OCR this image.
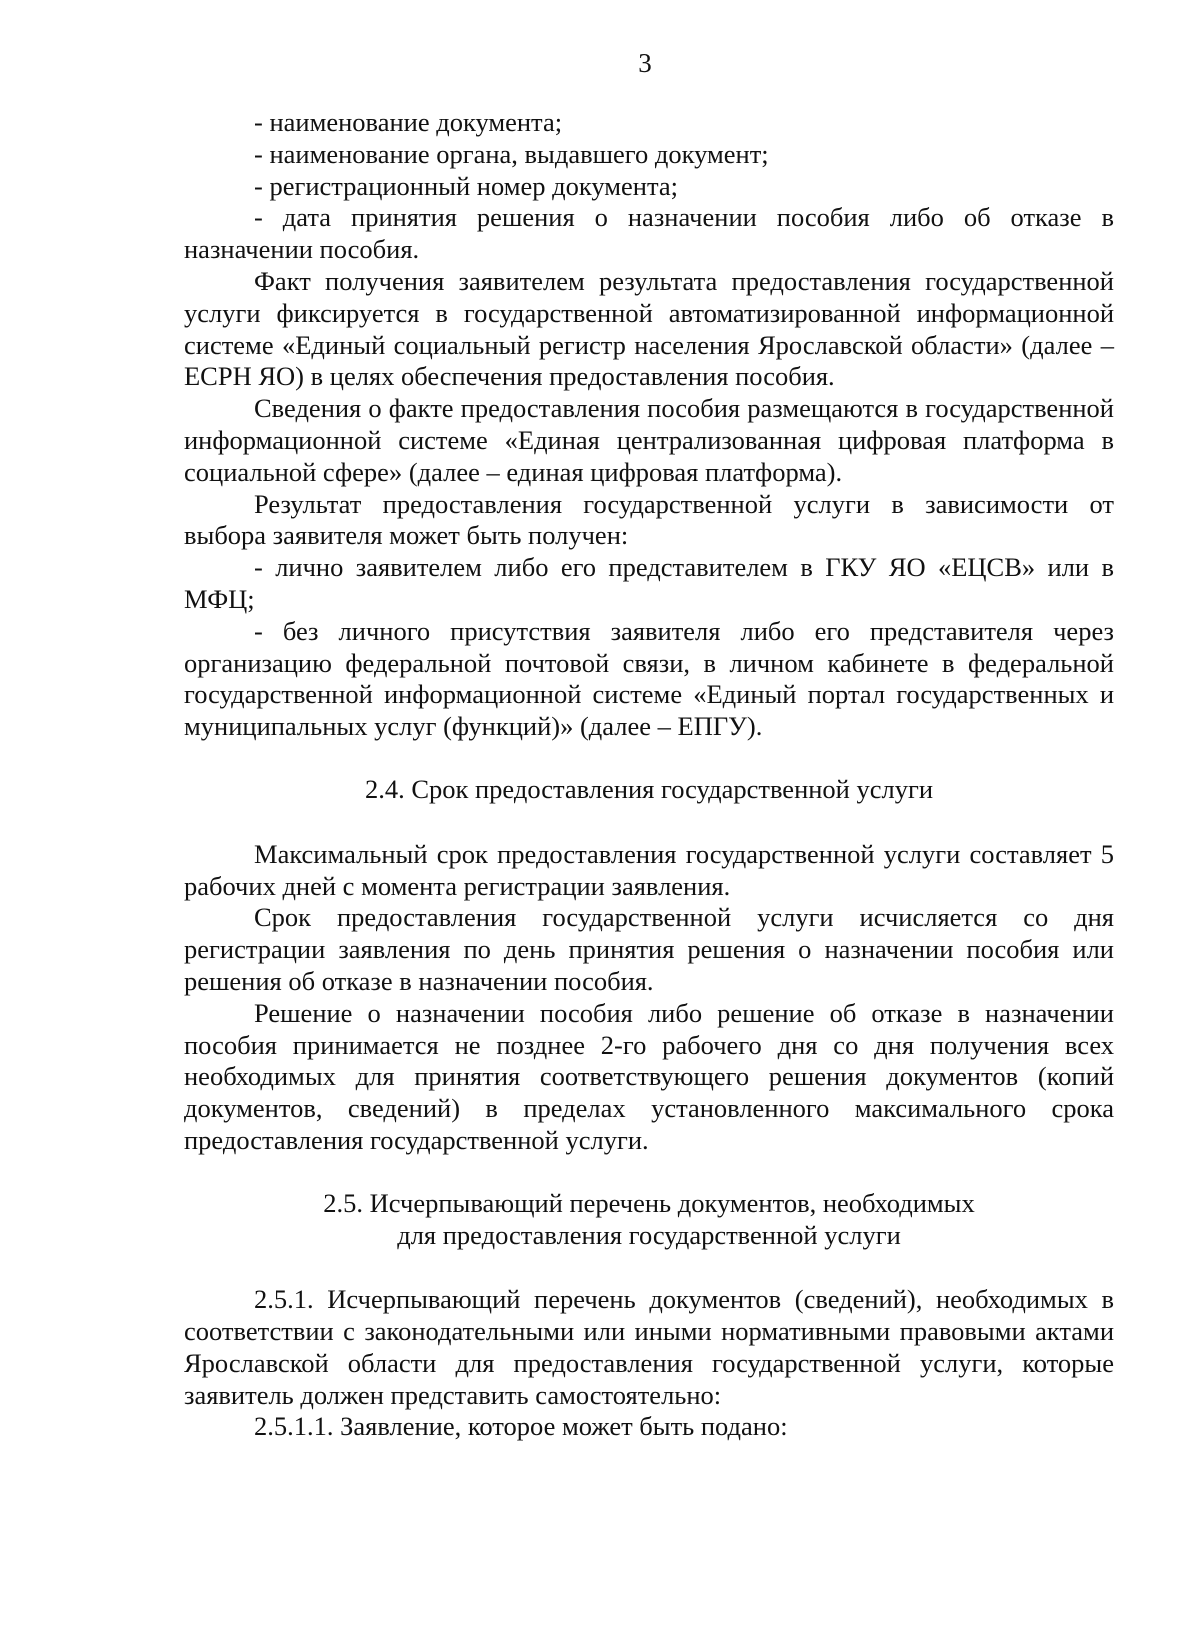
3

- наименование документа;

- наименование органа, выдавшего документ;

- регистрационный номер документа;

- дата принятия решения о назначении пособия либо об отказе в назначении пособия.

Факт получения заявителем результата предоставления государственной услуги фиксируется в государственной автоматизированной информационной системе «Единый социальный регистр населения Ярославской области» (далее – ЕСРН ЯО) в целях обеспечения предоставления пособия.

Сведения о факте предоставления пособия размещаются в государственной информационной системе «Единая централизованная цифровая платформа в социальной сфере» (далее – единая цифровая платформа).

Результат предоставления государственной услуги в зависимости от выбора заявителя может быть получен:

- лично заявителем либо его представителем в ГКУ ЯО «ЕЦСВ» или в МФЦ;

- без личного присутствия заявителя либо его представителя через организацию федеральной почтовой связи, в личном кабинете в федеральной государственной информационной системе «Единый портал государственных и муниципальных услуг (функций)» (далее – ЕПГУ).

2.4. Срок предоставления государственной услуги

Максимальный срок предоставления государственной услуги составляет 5 рабочих дней с момента регистрации заявления.

Срок предоставления государственной услуги исчисляется со дня регистрации заявления по день принятия решения о назначении пособия или решения об отказе в назначении пособия.

Решение о назначении пособия либо решение об отказе в назначении пособия принимается не позднее 2-го рабочего дня со дня получения всех необходимых для принятия соответствующего решения документов (копий документов, сведений) в пределах установленного максимального срока предоставления государственной услуги.

2.5. Исчерпывающий перечень документов, необходимых
для предоставления государственной услуги

2.5.1. Исчерпывающий перечень документов (сведений), необходимых в соответствии с законодательными или иными нормативными правовыми актами Ярославской области для предоставления государственной услуги, которые заявитель должен представить самостоятельно:

2.5.1.1. Заявление, которое может быть подано:
